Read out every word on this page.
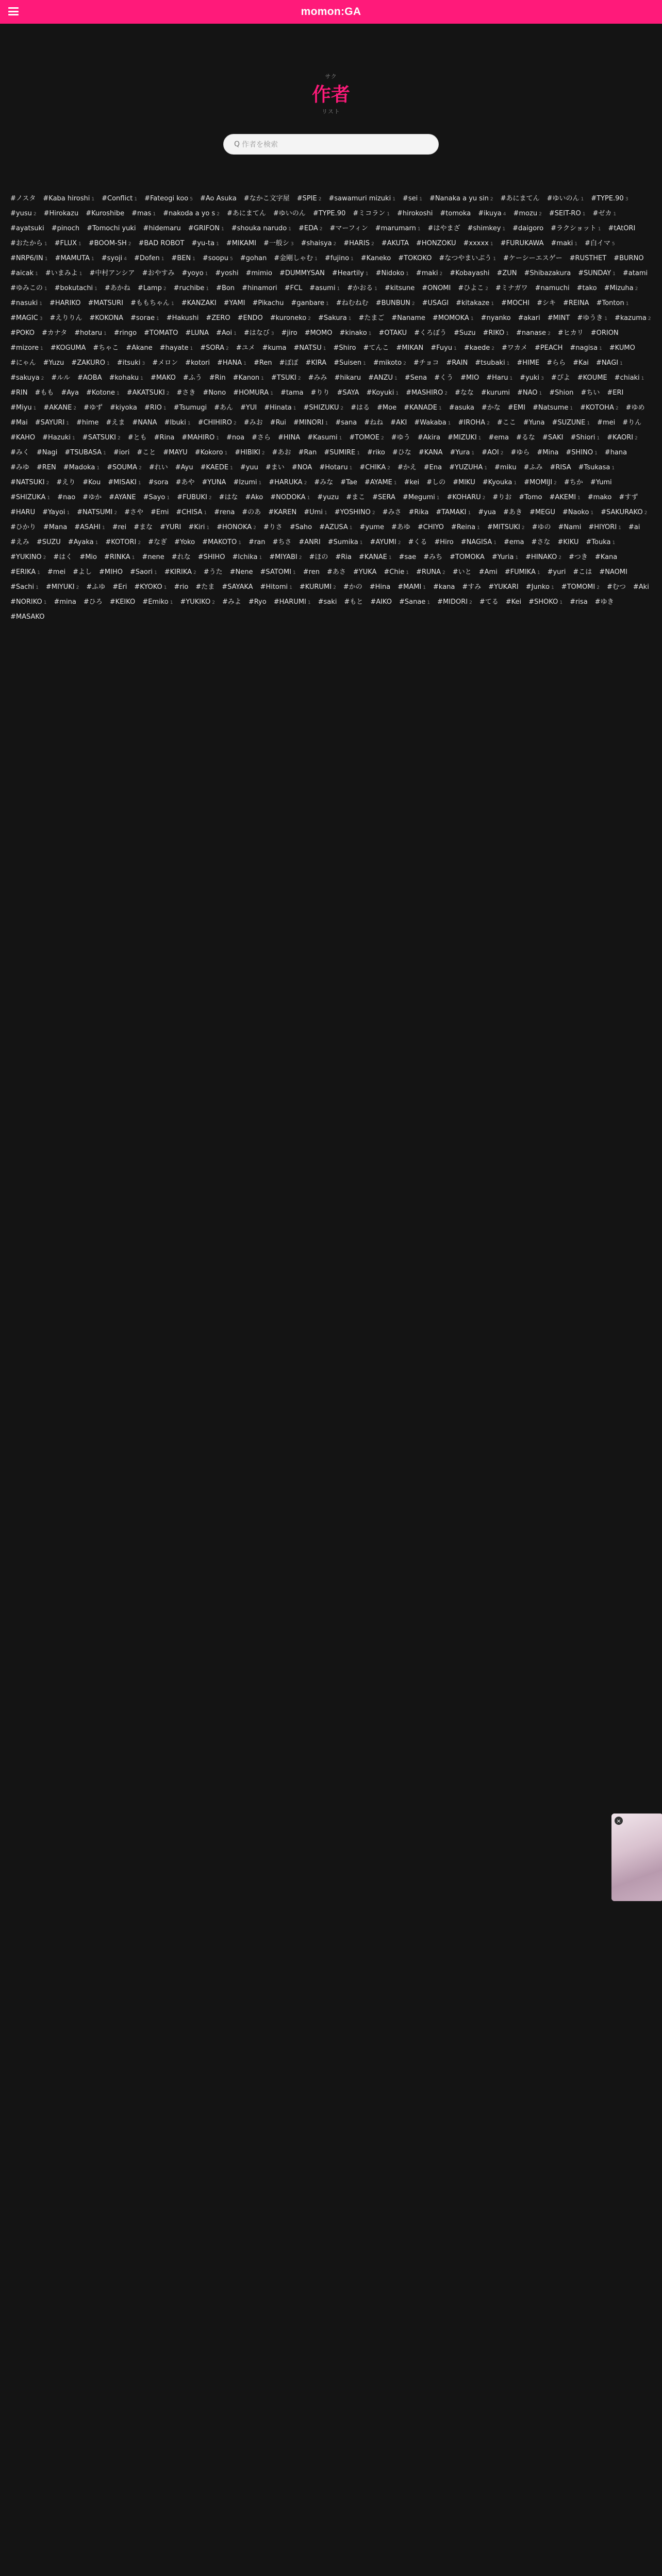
momon:GA
サク
作者
リスト
Q 作者を検索
#ノスタ #Kaba hiroshi 1 #Conflict 1 #Fateogi koo 5 #Ao Asuka #なかこ文字屋 #SPIE 2 #sawamuri mizuki 1 #sei 1 #Nanaka a yu sin 2 #あにまてん #ゆいのん 1 #TYPE.90 3
#yusu 2 #Hirokazu #Kuroshibe #mas 1 #nakoda a yo s 2 #あにまてん #ゆいのん #TYPE.90 #ミコラン 1 #hirokoshi #tomoka #ikuya 4 #mozu 2 #SEIT-RO 1 #ゼカ 1
#ayatsuki #pinoch #Tomochi yuki #hidemaru #GRIFON 1 #shouka narudo 1 #EDA 2 #マーフィン #marumarn 1 #はやまざ #shimkey 1 #daigoro #ラクショット 1 #tAtORI
#おたから 1 #FLUX 1 #BOOM-SH 2 #BAD ROBOT #yu-ta 1 #MIKAMI #一般シ 3 #shaisya 2 #HARIS 2 #AKUTA #HONZOKU #xxxxx 1 #FURUKAWA #maki 1 #白イマ 5
#NRP6/IN 1 #MAMUTA 1 #syoji 4 #Dofen 1 #BEN 1 #soopu 5 #gohan #金剛しゃむ 1 #fujino 1 #Kaneko #TOKOKO #なつやまいぷう 1 #ケーシーエスゲー #RUSTHET #BURNO
#aicak 1 #いまみよ 1 #中村アンシア #おやすみ #yoyo 1 #yoshi #mimio #DUMMYSAN #Heartily 1 #Nidoko 1 #maki 2 #Kobayashi #ZUN #Shibazakura #SUNDAY 1 #atami
#ゆみこの 1 #bokutachi 1 #あかね #Lamp 2 #ruchibe 1 #Bon #hinamori #FCL #asumi 1 #かおる 1 #kitsune #ONOMI #ひよこ 2 #ミナガワ #namuchi #tako #Mizuha 2
#nasuki 1 #HARIKO #MATSURI #ももちゃん 1 #KANZAKI #YAMI #Pikachu #ganbare 1 #ねむねむ #BUNBUN 2 #USAGI #kitakaze 1 #MOCHI #シキ #REINA #Tonton 1
#MAGIC 3 #えりりん #KOKONA #sorae 1 #Hakushi #ZERO #ENDO #kuroneko 2 #Sakura 1 #たまご #Naname #MOMOKA 1 #nyanko #akari #MINT #ゆうき 1 #kazuma 2
#POKO #カナタ #hotaru 1 #ringo #TOMATO #LUNA #Aoi 1 #はなび 3 #jiro #MOMO #kinako 1 #OTAKU #くろぼう #Suzu #RIKO 1 #nanase 2 #ヒカリ #ORION
#mizore 1 #KOGUMA #ちゃこ #Akane #hayate 1 #SORA 2 #ユメ #kuma #NATSU 1 #Shiro #てんこ #MIKAN #Fuyu 1 #kaede 2 #ワカメ #PEACH #nagisa 1 #KUMO
#にゃん #Yuzu #ZAKURO 1 #itsuki 3 #メロン #kotori #HANA 1 #Ren #ぽぽ #KIRA #Suisen 1 #mikoto 2 #チョコ #RAIN #tsubaki 1 #HIME #らら #Kai #NAGI 1
#sakuya 2 #ルル #AOBA #kohaku 1 #MAKO #ふう #Rin #Kanon 1 #TSUKI 2 #みみ #hikaru #ANZU 1 #Sena #くう #MIO #Haru 1 #yuki 3 #ぴよ #KOUME #chiaki 1
#RIN #もも #Aya #Kotone 1 #AKATSUKI 2 #さき #Nono #HOMURA 1 #tama #りり #SAYA #Koyuki 1 #MASHIRO 2 #なな #kurumi #NAO 1 #Shion #ちい #ERI
#Miyu 1 #AKANE 2 #ゆず #kiyoka #RIO 1 #Tsumugi #あん #YUI #Hinata 1 #SHIZUKU 2 #はる #Moe #KANADE 1 #asuka #かな #EMI #Natsume 1 #KOTOHA 2 #ゆめ
#Mai #SAYURI 1 #hime #えま #NANA #Ibuki 1 #CHIHIRO 2 #みお #Rui #MINORI 1 #sana #ねね #AKI #Wakaba 1 #IROHA 2 #ここ #Yuna #SUZUNE 1 #mei #りん
#KAHO #Hazuki 1 #SATSUKI 2 #とも #Rina #MAHIRO 1 #noa #さら #HINA #Kasumi 1 #TOMOE 2 #ゆう #Akira #MIZUKI 1 #ema #るな #SAKI #Shiori 1 #KAORI 2
#みく #Nagi #TSUBASA 1 #iori #こと #MAYU #Kokoro 1 #HIBIKI 2 #あお #Ran #SUMIRE 1 #riko #ひな #KANA #Yura 1 #AOI 2 #ゆら #Mina #SHINO 1 #hana
#みゆ #REN #Madoka 1 #SOUMA 2 #れい #Ayu #KAEDE 1 #yuu #まい #NOA #Hotaru 1 #CHIKA 2 #かえ #Ena #YUZUHA 1 #miku #ふみ #RISA #Tsukasa 1
#NATSUKI 2 #えり #Kou #MISAKI 1 #sora #あや #YUNA #Izumi 1 #HARUKA 2 #みな #Tae #AYAME 1 #kei #しの #MIKU #Kyouka 1 #MOMIJI 2 #ちか #Yumi
#SHIZUKA 1 #nao #ゆか #AYANE #Sayo 1 #FUBUKI 2 #はな #Ako #NODOKA 1 #yuzu #まこ #SERA #Megumi 1 #KOHARU 2 #りお #Tomo #AKEMI 1 #mako #すず
#HARU #Yayoi 1 #NATSUMI 2 #さや #Emi #CHISA 1 #rena #のあ #KAREN #Umi 1 #YOSHINO 2 #みさ #Rika #TAMAKI 1 #yua #あき #MEGU #Naoko 1 #SAKURAKO 2
#ひかり #Mana #ASAHI 1 #rei #まな #YURI #Kiri 1 #HONOKA 2 #りさ #Saho #AZUSA 1 #yume #あゆ #CHIYO #Reina 1 #MITSUKI 2 #ゆの #Nami #HIYORI 1 #ai
#えみ #SUZU #Ayaka 1 #KOTORI 2 #なぎ #Yoko #MAKOTO 1 #ran #ちさ #ANRI #Sumika 1 #AYUMI 2 #くる #Hiro #NAGISA 1 #ema #さな #KIKU #Touka 1
#YUKINO 2 #はく #Mio #RINKA 1 #nene #れな #SHIHO #Ichika 1 #MIYABI 2 #ほの #Ria #KANAE 1 #sae #みち #TOMOKA #Yuria 1 #HINAKO 2 #つき #Kana
#ERIKA 1 #mei #よし #MIHO #Saori 1 #KIRIKA 2 #うた #Nene #SATOMI 1 #ren #あさ #YUKA #Chie 1 #RUNA 2 #いと #Ami #FUMIKA 1 #yuri #こは #NAOMI
#Sachi 1 #MIYUKI 2 #ふゆ #Eri #KYOKO 1 #rio #たま #SAYAKA #Hitomi 1 #KURUMI 2 #かの #Hina #MAMI 1 #kana #すみ #YUKARI #Junko 1 #TOMOMI 2 #むつ #Aki
#NORIKO 1 #mina #ひろ #KEIKO #Emiko 1 #YUKIKO 2 #みよ #Ryo #HARUMI 1 #saki #もと #AIKO #Sanae 1 #MIDORI 2 #てる #Kei #SHOKO 1 #risa #ゆき
#MASAKO
×
